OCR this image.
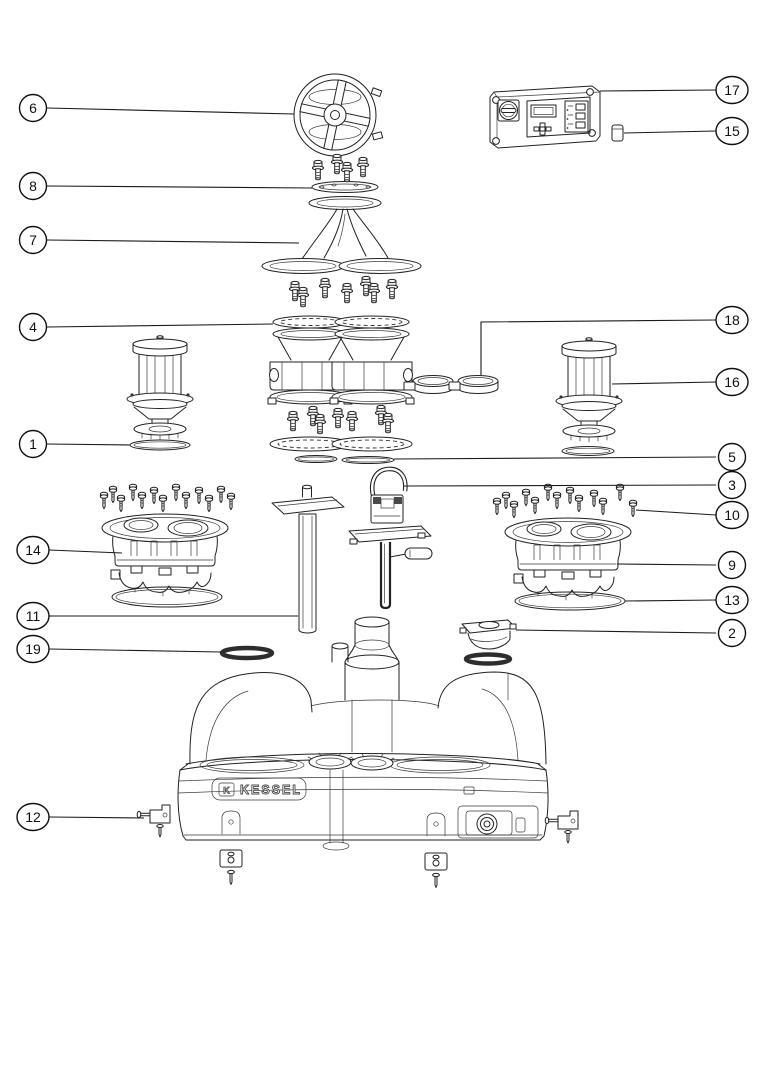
K KESSEL
6
8
7
4
1
14
11
19
12
17
15
18
16
5
3
10
9
13
2
